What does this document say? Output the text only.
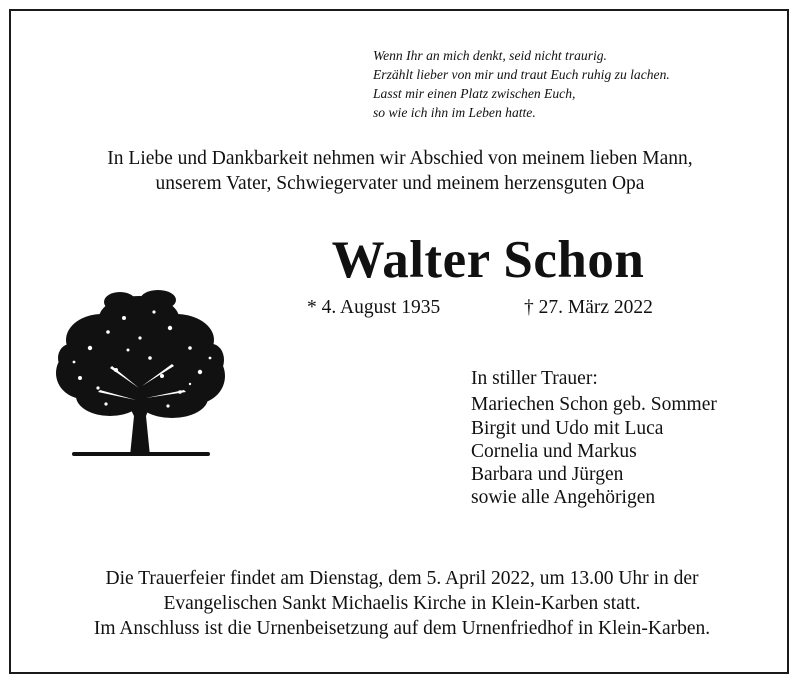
Wenn Ihr an mich denkt, seid nicht traurig.
Erzählt lieber von mir und traut Euch ruhig zu lachen.
Lasst mir einen Platz zwischen Euch,
so wie ich ihn im Leben hatte.
In Liebe und Dankbarkeit nehmen wir Abschied von meinem lieben Mann,
unserem Vater, Schwiegervater und meinem herzensguten Opa
Walter Schon
* 4. August 1935	† 27. März 2022
In stiller Trauer:
Mariechen Schon geb. Sommer
Birgit und Udo mit Luca
Cornelia und Markus
Barbara und Jürgen
sowie alle Angehörigen
Die Trauerfeier findet am Dienstag, dem 5. April 2022, um 13.00 Uhr in der
Evangelischen Sankt Michaelis Kirche in Klein-Karben statt.
Im Anschluss ist die Urnenbeisetzung auf dem Urnenfriedhof in Klein-Karben.
